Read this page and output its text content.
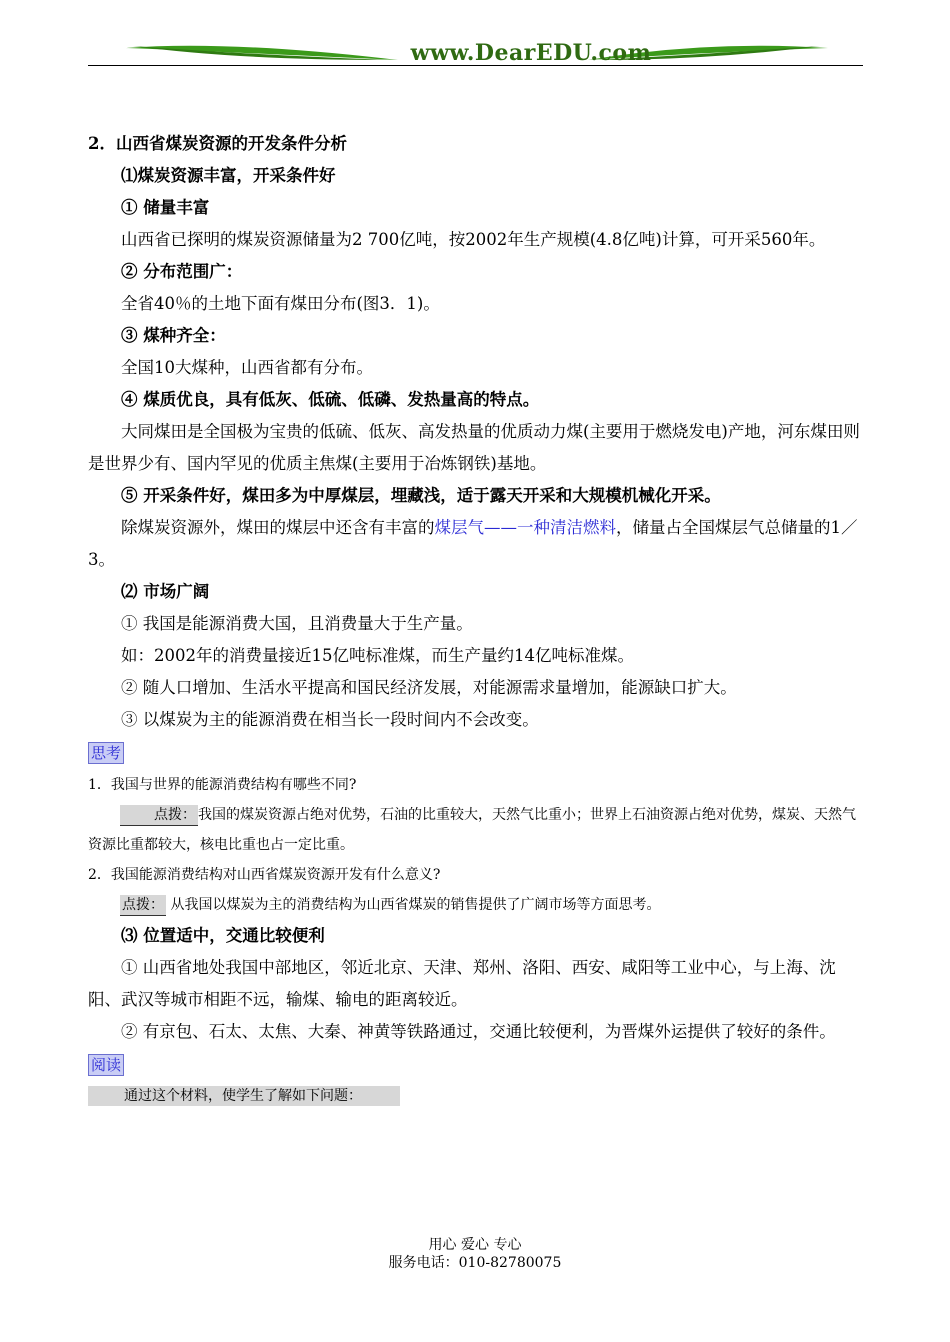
www.DearEDU.com
2．山西省煤炭资源的开发条件分析
⑴煤炭资源丰富，开采条件好
① 储量丰富
山西省已探明的煤炭资源储量为2 700亿吨，按2002年生产规模(4.8亿吨)计算，可开采560年。
② 分布范围广：
全省40％的土地下面有煤田分布(图3．1)。
③ 煤种齐全：
全国10大煤种，山西省都有分布。
④ 煤质优良，具有低灰、低硫、低磷、发热量高的特点。
大同煤田是全国极为宝贵的低硫、低灰、高发热量的优质动力煤(主要用于燃烧发电)产地，河东煤田则是世界少有、国内罕见的优质主焦煤(主要用于冶炼钢铁)基地。
⑤ 开采条件好，煤田多为中厚煤层，埋藏浅，适于露天开采和大规模机械化开采。
除煤炭资源外，煤田的煤层中还含有丰富的煤层气——一种清洁燃料，储量占全国煤层气总储量的1／3。
⑵ 市场广阔
① 我国是能源消费大国，且消费量大于生产量。
如：2002年的消费量接近15亿吨标准煤，而生产量约14亿吨标准煤。
② 随人口增加、生活水平提高和国民经济发展，对能源需求量增加，能源缺口扩大。
③ 以煤炭为主的能源消费在相当长一段时间内不会改变。
思考
1．我国与世界的能源消费结构有哪些不同?
点拨： 我国的煤炭资源占绝对优势，石油的比重较大，天然气比重小；世界上石油资源占绝对优势，煤炭、天然气资源比重都较大，核电比重也占一定比重。
2．我国能源消费结构对山西省煤炭资源开发有什么意义?
点拨： 从我国以煤炭为主的消费结构为山西省煤炭的销售提供了广阔市场等方面思考。
⑶ 位置适中，交通比较便利
① 山西省地处我国中部地区，邻近北京、天津、郑州、洛阳、西安、咸阳等工业中心，与上海、沈阳、武汉等城市相距不远，输煤、输电的距离较近。
② 有京包、石太、太焦、大秦、神黄等铁路通过，交通比较便利，为晋煤外运提供了较好的条件。
阅读
通过这个材料，使学生了解如下问题：
用心 爱心 专心
服务电话：010-82780075
